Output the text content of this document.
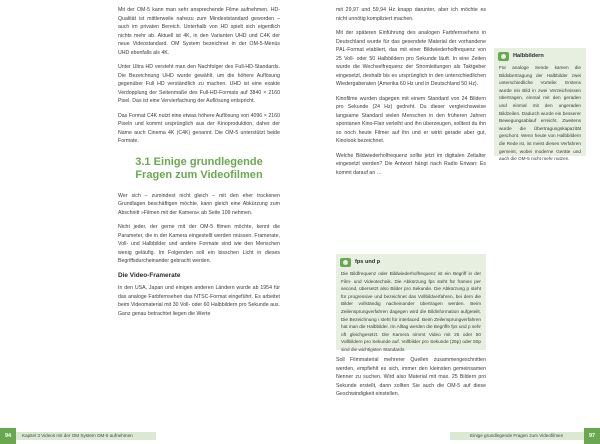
Mit der OM-5 kann man sehr ansprechende Filme aufnehmen. HD-Qualität ist mittlerweile nahezu zum Mindeststandard geworden – auch im privaten Bereich. Unterhalb von HD spielt sich eigentlich nichts mehr ab. Aktuell ist 4K, in den Varianten UHD und C4K der neue Videostandard. OM System bezeichnet in der OM-5-Menüs UHD ebenfalls als 4K.

Unter Ultra HD versteht man den Nachfolger des Full-HD-Standards. Die Bezeichnung UHD wurde gewählt, um die höhere Auflösung gegenüber Full HD verständlich zu machen. UHD ist eine exakte Verdopplung der Seitenmaße des Full-HD-Formats auf 3840 × 2160 Pixel. Das ist eine Vervierfachung der Auflösung entspricht.

Das Format C4K nutzt eine etwas höhere Auflösung von 4096 × 2160 Pixeln und kommt ursprünglich aus der Kinoproduktion, daher der Name auch Cinema 4K (C4K) genannt. Die OM-5 unterstützt beide Formate.

3.1 Einige grundlegende Fragen zum Videofilmen

Wer sich – zumindest nicht gleich – mit den eher trockenen Grundlagen beschäftigen möchte, kann gleich eine Abkürzung zum Abschnitt »Filmen mit der Kamera« ab Seite 109 nehmen.

Nicht jeder, der gerne mit der OM-5 filmen möchte, kennt die Parameter, die in der Kamera eingestellt werden müssen. Framerate, Voll- und Halbbilder und andere Formate sind wie den Menschen wenig geläufig. Im Folgenden soll ein bisschen Licht in dieses Begriffsdurcheinander gebracht werden.

Die Video-Framerate

In den USA, Japan und einigen anderen Ländern wurde ab 1954 für das analoge Farbfernsehen das NTSC-Format eingeführt. Es arbeitet beim Videomaterial mit 30 Voll- oder 60 Halbbildern pro Sekunde aus. Ganz genau betrachtet liegen die Werte

94	Kapitel 3 Videos mit der OM System OM-5 aufnehmen

mit 29,97 und 59,94 Hz knapp darunter, aber ich möchte es nicht unnötig kompliziert machen.

Mit der späteren Einführung des analogen Farbfernsehens in Deutschland wurde für das gesendete Material der vorhandene PAL-Format etabliert, das mit einer Bildwiederholfrequenz von 25 Voll- oder 50 Halbbildern pro Sekunde läuft. In eine Zeiten wurde die Wechselfrequenz der Stromleitungen als Taktgeber eingesetzt, deshalb bis es ursprünglich in den unterschiedlichen Wiedergaberaten (Amerika 60 Hz und in Deutschland 50 Hz).

Kinofilme wurden dagegen mit einem Standard von 24 Bildern pro Sekunde (24 Hz) gedreht. Du dieser vergleichsweise langsame Standard vielen Menschen in den früheren Jahren spontanen Kino-Flair verleiht und ihn überzeugen, solltest du ihn so noch heute Filmer auf ihn und er wirkt gerade aber gut, Kinolook bezeichnet.

Welche Bildwiederholfrequenz sollte jetzt im digitalen Zeitalter eingesetzt werden? Die Antwort hängt nach Radio Eriwan: Es kommt darauf an …

Halbbildern
Für analoge Sende kamen die Bildübertragung der Halbbilder zwei unterschiedliche Vorteile: Erstens wurde ein Bild in zwei Verzeichnissen übertragen, einmal mit den geraden und einmal mit den ungeraden Bildzeilen. Dadurch wurde ein besserer Bewegungsablauf erreicht. Zweitens wurde die Übertragungskapazität geschont. Wenn heute von Halbbildern die Rede ist, ist meist dieses Verfahren gemeint, wobei moderne Geräte und auch die OM-5 nicht mehr nutzen.
fps und p
Die Bildfrequenz oder Bildwiederholfrequenz ist ein Begriff in der Film- und Videotechnik. Die Abkürzung fps steht für frames per second, übersetzt also Bilder pro Sekunde. Die Abkürzung p steht für progressive und bezeichnet das Vollbildverfahren, bei dem die Bilder vollständig nacheinander übertragen werden. Beim Zeilensprungverfahren dagegen wird die Bildinformation aufgeteilt. Die Bezeichnung i steht für interlaced. Beim Zeilensprungverfahren hat man die Halbbilder. Im Alltag werden die Begriffe fps und p sehr oft gleichgesetzt. Die Kamera nimmt Video mit 25 oder 50 Vollbildern pro Sekunde auf. Vollbilder pro Sekunde (25p) oder 50p sind die wichtigsten Standards.

Soll Filmmaterial mehrerer Quellen zusammengeschnitten werden, empfiehlt es sich, immer den kleinsten gemeinsamen Nenner zu suchen. Wird also Material mit max. 25 Bildern pro Sekunde erstellt, dann sollten Sie auch die OM-5 auf diese Geschwindigkeit einstellen.

Einige grundlegende Fragen zum Videofilmen	97
